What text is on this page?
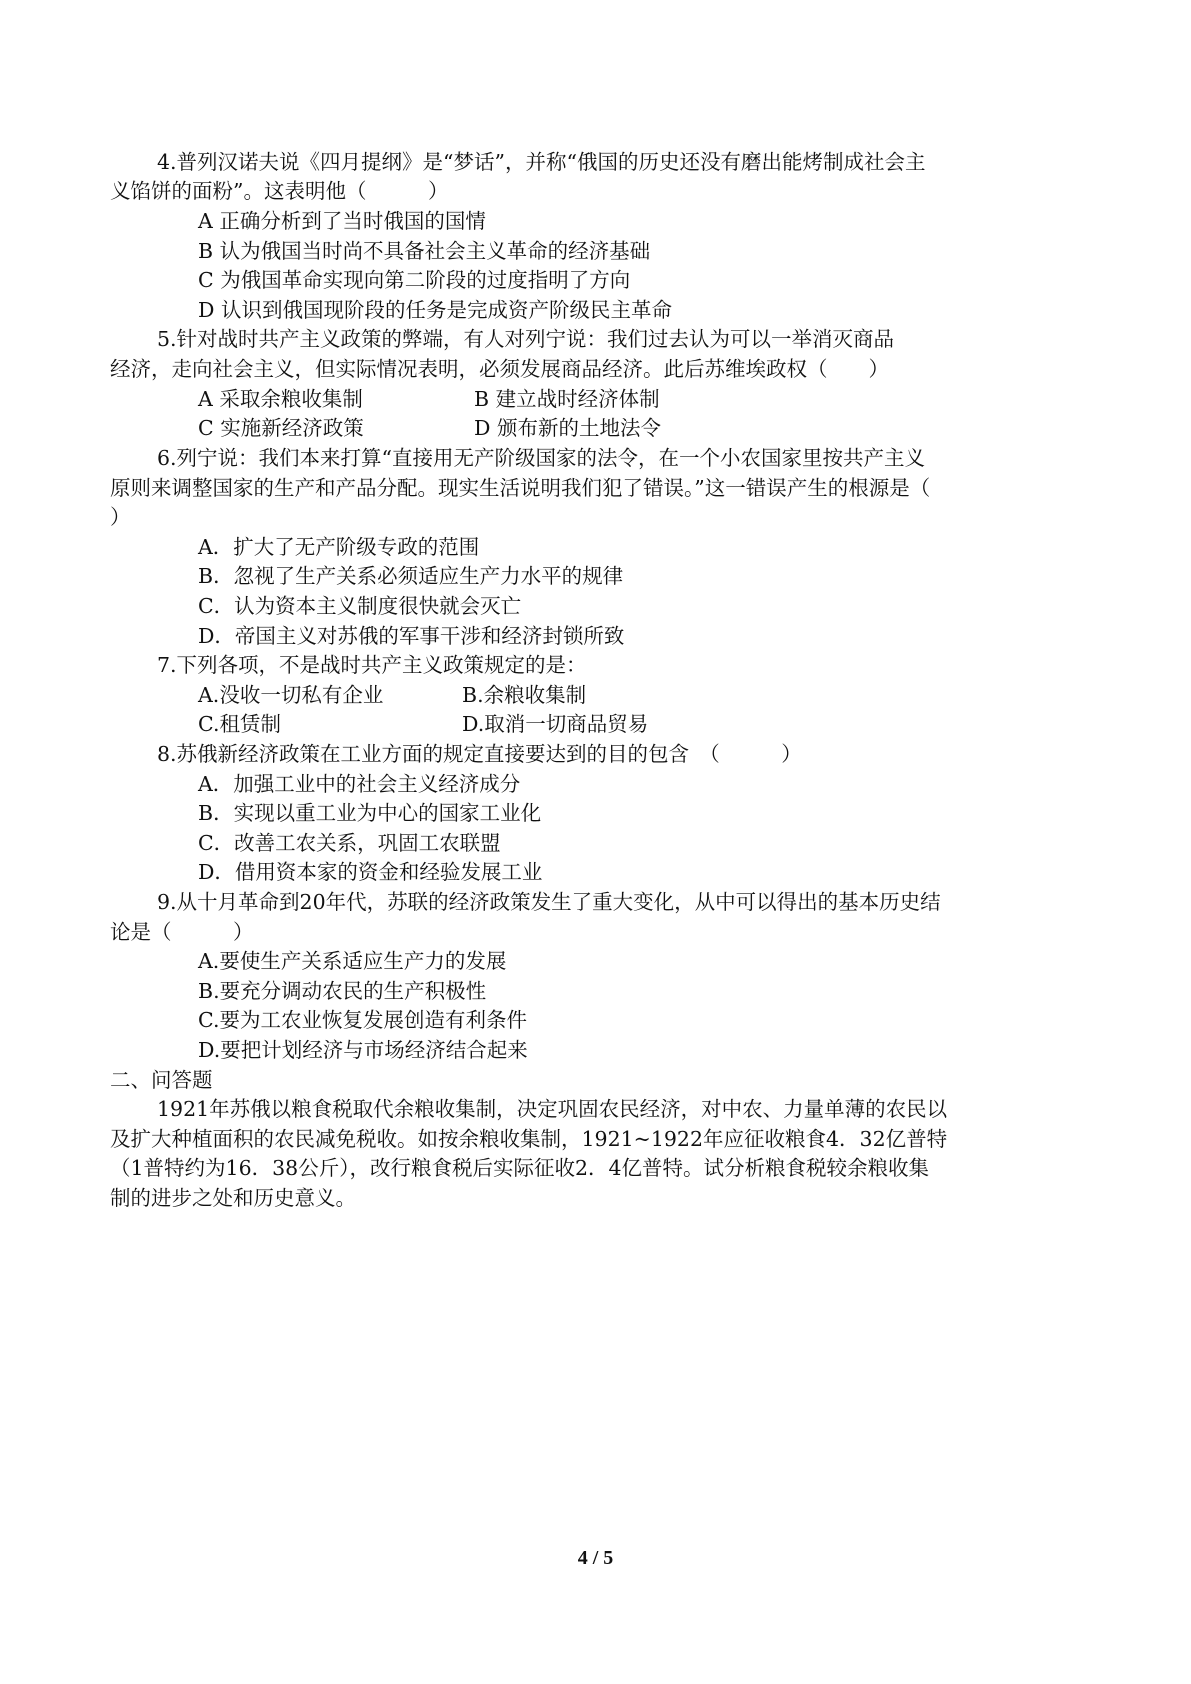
4.普列汉诺夫说《四月提纲》是“梦话”，并称“俄国的历史还没有磨出能烤制成社会主
义馅饼的面粉”。这表明他（　　　）
A 正确分析到了当时俄国的国情
B 认为俄国当时尚不具备社会主义革命的经济基础
C 为俄国革命实现向第二阶段的过度指明了方向
D 认识到俄国现阶段的任务是完成资产阶级民主革命
5.针对战时共产主义政策的弊端，有人对列宁说：我们过去认为可以一举消灭商品
经济，走向社会主义，但实际情况表明，必须发展商品经济。此后苏维埃政权（　　）
A 采取余粮收集制	B 建立战时经济体制
C 实施新经济政策	D 颁布新的土地法令
6.列宁说：我们本来打算“直接用无产阶级国家的法令，在一个小农国家里按共产主义
原则来调整国家的生产和产品分配。现实生活说明我们犯了错误。”这一错误产生的根源是（
）
A．扩大了无产阶级专政的范围
B．忽视了生产关系必须适应生产力水平的规律
C．认为资本主义制度很快就会灭亡
D．帝国主义对苏俄的军事干涉和经济封锁所致
7.下列各项，不是战时共产主义政策规定的是：
A.没收一切私有企业	B.余粮收集制
C.租赁制	D.取消一切商品贸易
8.苏俄新经济政策在工业方面的规定直接要达到的目的包含　（　　　）
A．加强工业中的社会主义经济成分
B．实现以重工业为中心的国家工业化
C．改善工农关系，巩固工农联盟
D．借用资本家的资金和经验发展工业
9.从十月革命到20年代，苏联的经济政策发生了重大变化，从中可以得出的基本历史结
论是（　　　）
A.要使生产关系适应生产力的发展
B.要充分调动农民的生产积极性
C.要为工农业恢复发展创造有利条件
D.要把计划经济与市场经济结合起来
二、问答题
1921年苏俄以粮食税取代余粮收集制，决定巩固农民经济，对中农、力量单薄的农民以
及扩大种植面积的农民减免税收。如按余粮收集制，1921~1922年应征收粮食4．32亿普特
（1普特约为16．38公斤），改行粮食税后实际征收2．4亿普特。试分析粮食税较余粮收集
制的进步之处和历史意义。
4 / 5
